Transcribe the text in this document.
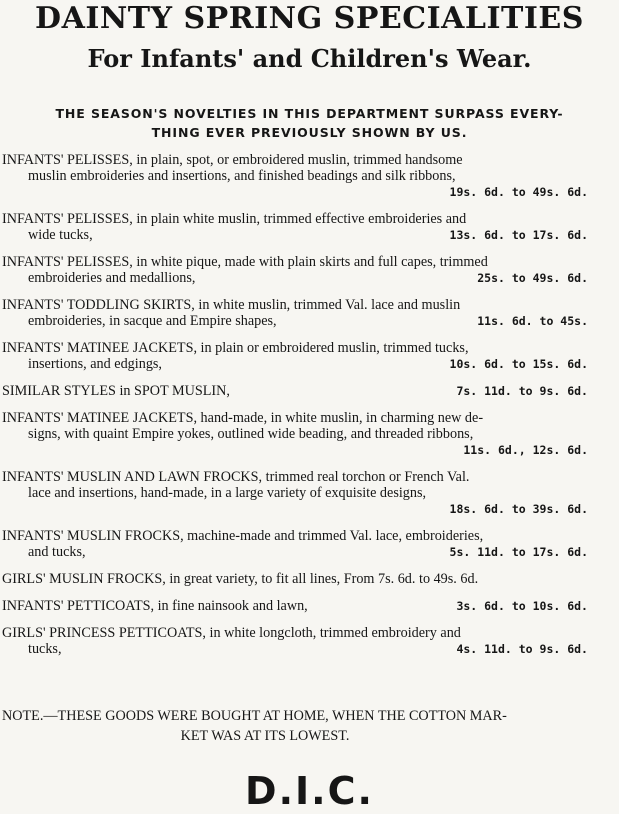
DAINTY SPRING SPECIALITIES
For Infants' and Children's Wear.
THE SEASON'S NOVELTIES IN THIS DEPARTMENT SURPASS EVERY-
THING EVER PREVIOUSLY SHOWN BY US.
INFANTS' PELISSES, in plain, spot, or embroidered muslin, trimmed handsome
muslin embroideries and insertions, and finished beadings and silk ribbons,
19s. 6d. to 49s. 6d.
INFANTS' PELISSES, in plain white muslin, trimmed effective embroideries and
wide tucks,	13s. 6d. to 17s. 6d.
INFANTS' PELISSES, in white pique, made with plain skirts and full capes, trimmed
embroideries and medallions,	25s. to 49s. 6d.
INFANTS' TODDLING SKIRTS, in white muslin, trimmed Val. lace and muslin
embroideries, in sacque and Empire shapes,	11s. 6d. to 45s.
INFANTS' MATINEE JACKETS, in plain or embroidered muslin, trimmed tucks,
insertions, and edgings,	10s. 6d. to 15s. 6d.
SIMILAR STYLES in SPOT MUSLIN,	7s. 11d. to 9s. 6d.
INFANTS' MATINEE JACKETS, hand-made, in white muslin, in charming new de-
signs, with quaint Empire yokes, outlined wide beading, and threaded ribbons,
11s. 6d., 12s. 6d.
INFANTS' MUSLIN AND LAWN FROCKS, trimmed real torchon or French Val.
lace and insertions, hand-made, in a large variety of exquisite designs,
18s. 6d. to 39s. 6d.
INFANTS' MUSLIN FROCKS, machine-made and trimmed Val. lace, embroideries,
and tucks,	5s. 11d. to 17s. 6d.
GIRLS' MUSLIN FROCKS, in great variety, to fit all lines, From 7s. 6d. to 49s. 6d.
INFANTS' PETTICOATS, in fine nainsook and lawn,	3s. 6d. to 10s. 6d.
GIRLS' PRINCESS PETTICOATS, in white longcloth, trimmed embroidery and
tucks,	4s. 11d. to 9s. 6d.
NOTE.—THESE GOODS WERE BOUGHT AT HOME, WHEN THE COTTON MAR-
KET WAS AT ITS LOWEST.
D.I.C.
